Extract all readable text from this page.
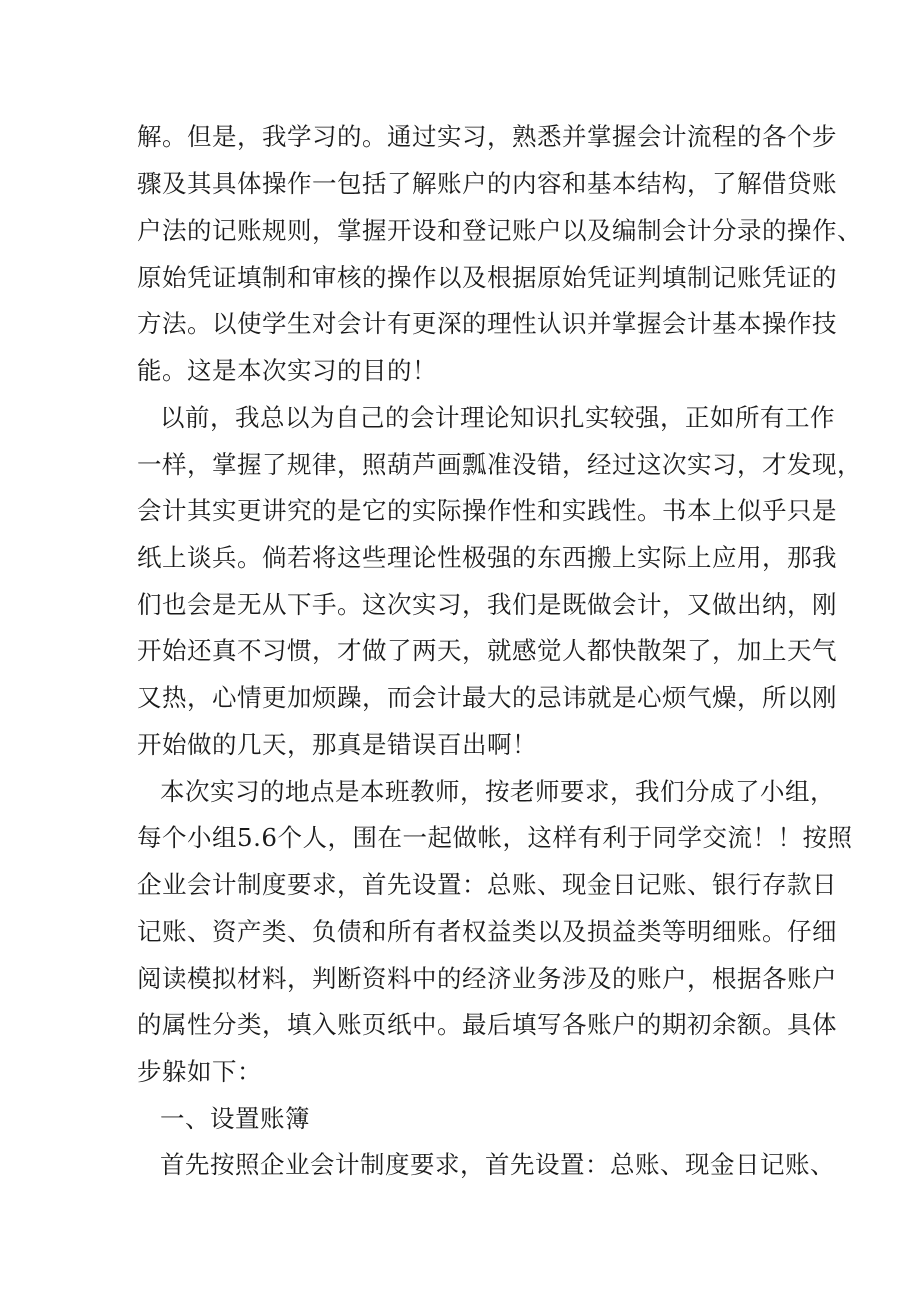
解。但是，我学习的。通过实习，熟悉并掌握会计流程的各个步
骤及其具体操作一包括了解账户的内容和基本结构，了解借贷账
户法的记账规则，掌握开设和登记账户以及编制会计分录的操作、
原始凭证填制和审核的操作以及根据原始凭证判填制记账凭证的
方法。以使学生对会计有更深的理性认识并掌握会计基本操作技
能。这是本次实习的目的！
以前，我总以为自己的会计理论知识扎实较强，正如所有工作
一样，掌握了规律，照葫芦画瓢准没错，经过这次实习，才发现，
会计其实更讲究的是它的实际操作性和实践性。书本上似乎只是
纸上谈兵。倘若将这些理论性极强的东西搬上实际上应用，那我
们也会是无从下手。这次实习，我们是既做会计，又做出纳，刚
开始还真不习惯，才做了两天，就感觉人都快散架了，加上天气
又热，心情更加烦躁，而会计最大的忌讳就是心烦气燥，所以刚
开始做的几天，那真是错误百出啊！
本次实习的地点是本班教师，按老师要求，我们分成了小组，
每个小组5.6个人，围在一起做帐，这样有利于同学交流！！按照
企业会计制度要求，首先设置：总账、现金日记账、银行存款日
记账、资产类、负债和所有者权益类以及损益类等明细账。仔细
阅读模拟材料，判断资料中的经济业务涉及的账户，根据各账户
的属性分类，填入账页纸中。最后填写各账户的期初余额。具体
步躲如下：
一、设置账簿
首先按照企业会计制度要求，首先设置：总账、现金日记账、
